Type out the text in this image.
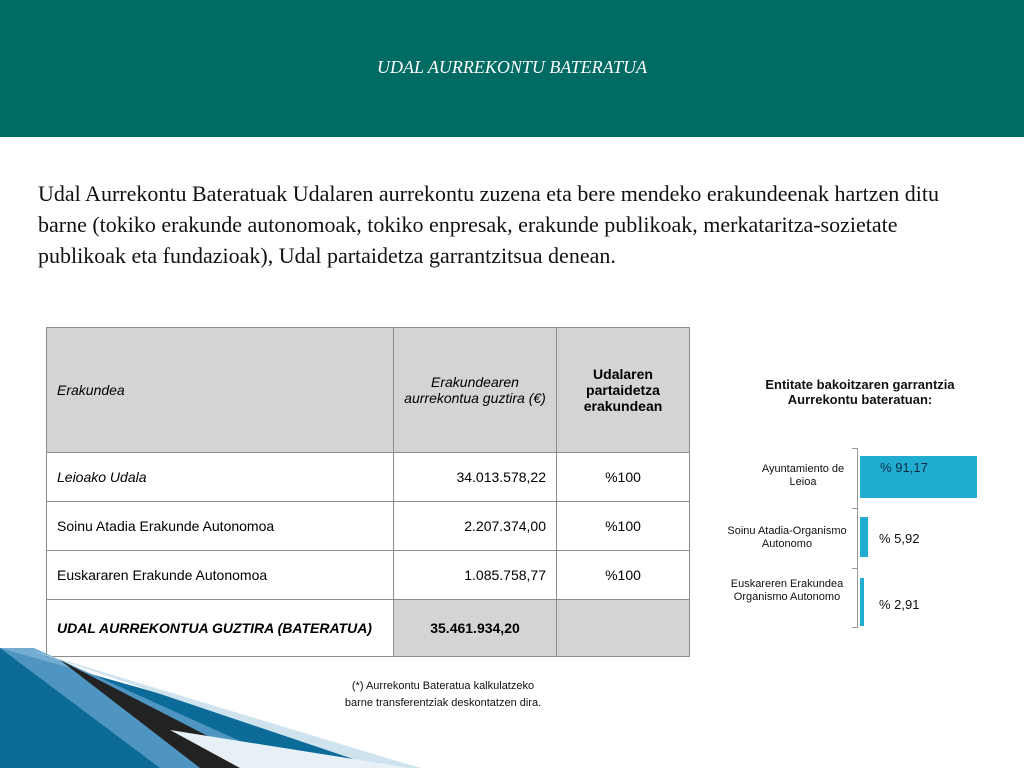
UDAL AURREKONTU BATERATUA
Udal Aurrekontu Bateratuak Udalaren aurrekontu zuzena eta bere mendeko erakundeenak hartzen ditu barne (tokiko erakunde autonomoak, tokiko enpresak, erakunde publikoak, merkataritza-sozietate publikoak eta fundazioak), Udal partaidetza garrantzitsua denean.
Erakundea	Erakundearen aurrekontua guztira (€)	Udalaren partaidetza erakundean
Leioako Udala	34.013.578,22	%100
Soinu Atadia Erakunde Autonomoa	2.207.374,00	%100
Euskararen Erakunde Autonomoa	1.085.758,77	%100
UDAL AURREKONTUA GUZTIRA (BATERATUA)	35.461.934,20	
(*) Aurrekontu Bateratua kalkulatzeko
barne transferentziak deskontatzen dira.
Entitate bakoitzaren garrantzia Aurrekontu bateratuan:
Ayuntamiento de Leioa
Soinu Atadia-Organismo Autonomo
Euskareren Erakundea Organismo Autonomo
% 91,17
% 5,92
% 2,91
